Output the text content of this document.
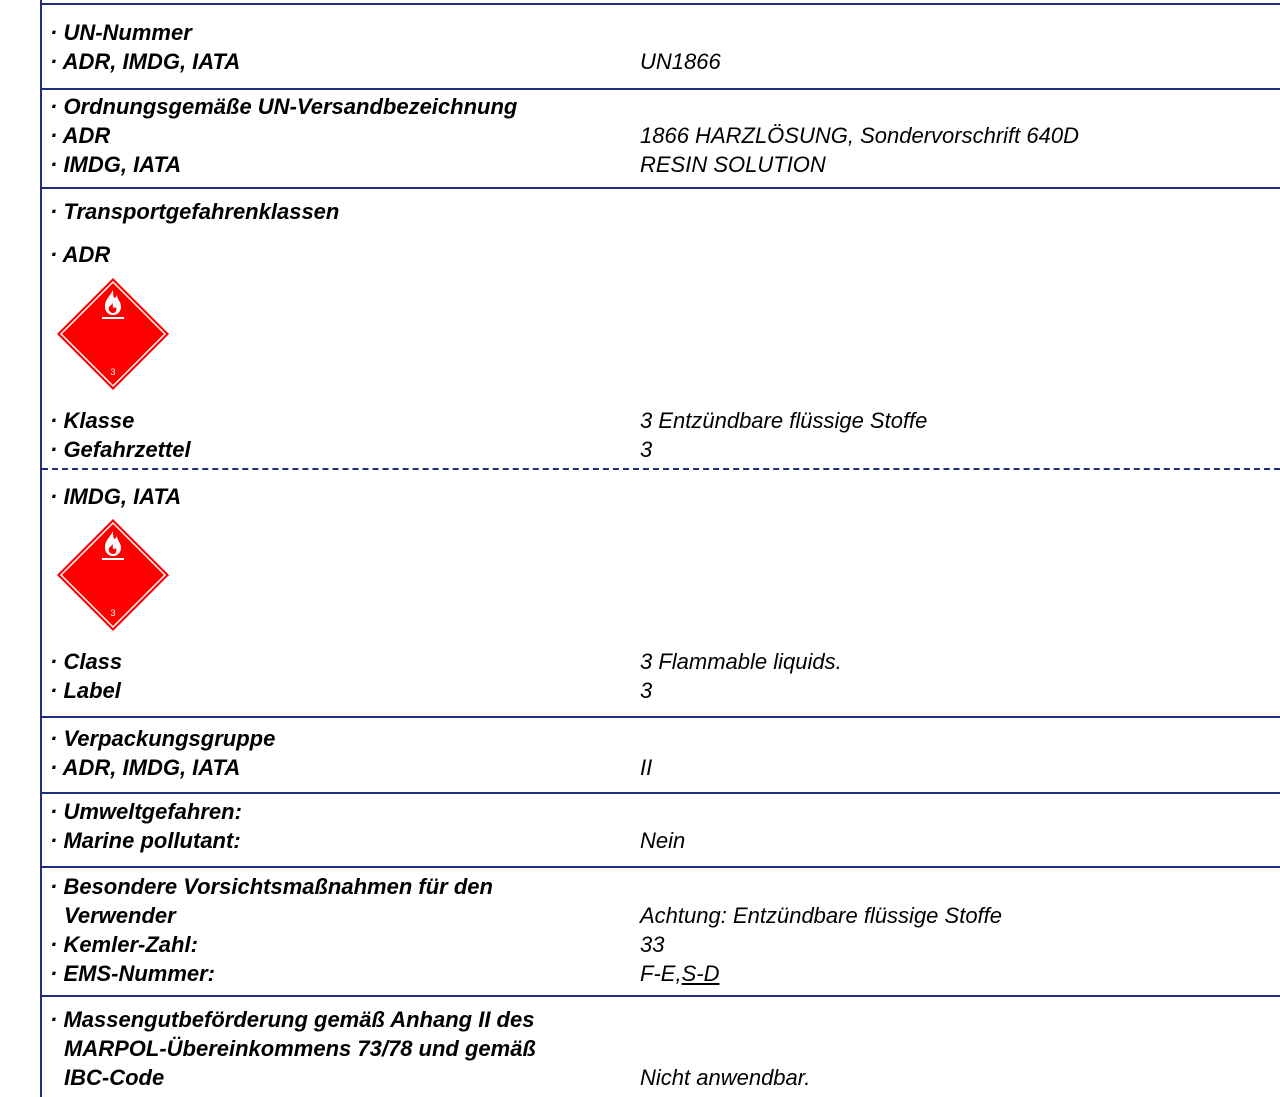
· UN-Nummer
· ADR, IMDG, IATA	UN1866
· Ordnungsgemäße UN-Versandbezeichnung
· ADR	1866 HARZLÖSUNG, Sondervorschrift 640D
· IMDG, IATA	RESIN SOLUTION
· Transportgefahrenklassen
· ADR
3
· Klasse	3 Entzündbare flüssige Stoffe
· Gefahrzettel	3
· IMDG, IATA
3
· Class	3 Flammable liquids.
· Label	3
· Verpackungsgruppe
· ADR, IMDG, IATA	II
· Umweltgefahren:
· Marine pollutant:	Nein
· Besondere Vorsichtsmaßnahmen für den
Verwender	Achtung: Entzündbare flüssige Stoffe
· Kemler-Zahl:	33
· EMS-Nummer:	F-E,S-D
· Massengutbeförderung gemäß Anhang II des
MARPOL-Übereinkommens 73/78 und gemäß
IBC-Code	Nicht anwendbar.
